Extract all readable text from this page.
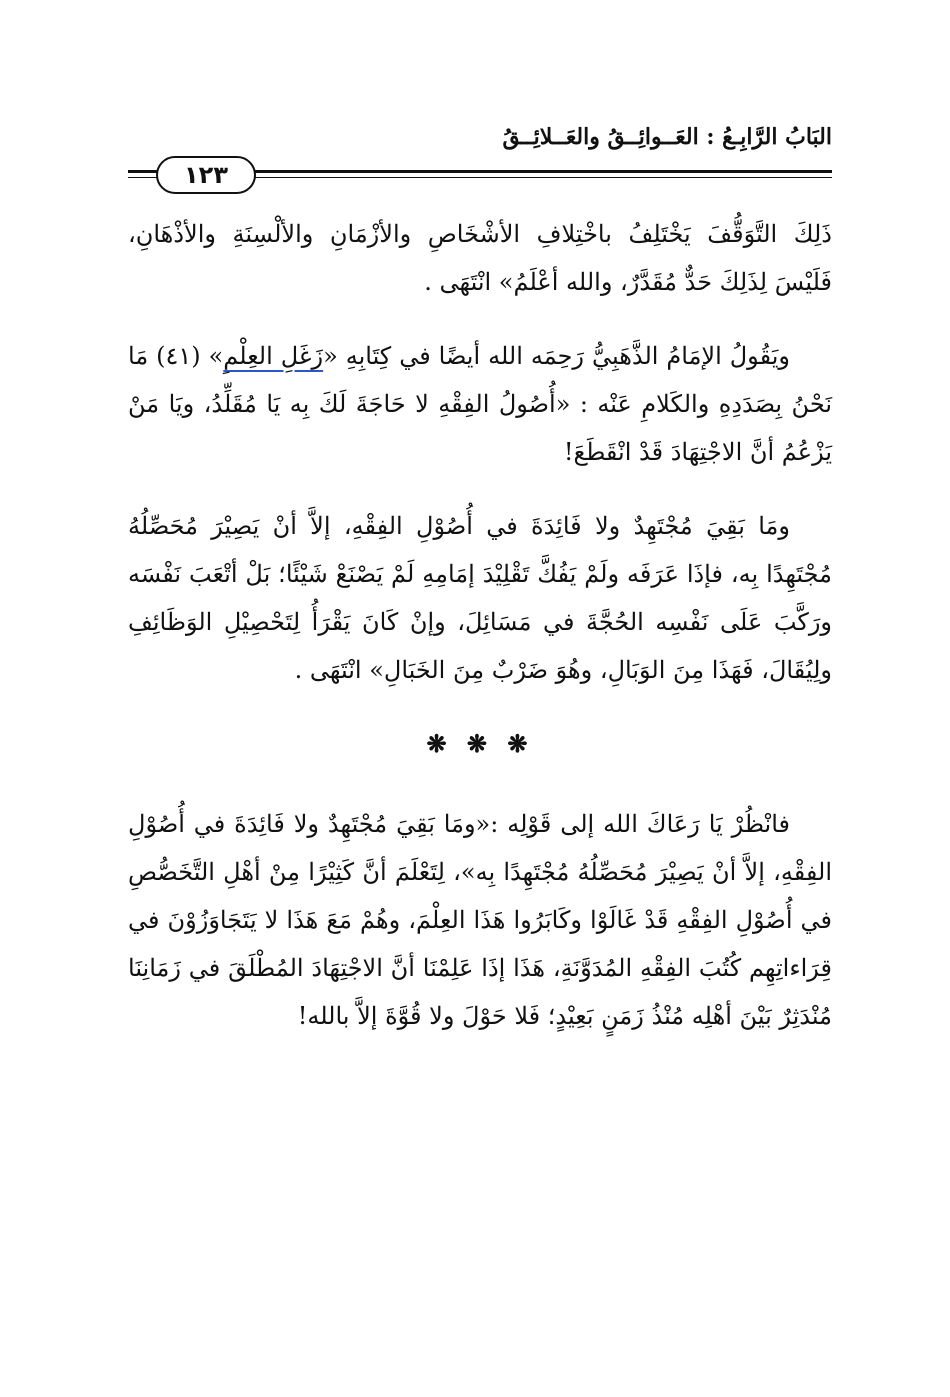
البَابُ الرَّابِـعُ : العَــوائِــقُ والعَــلائِــقُ
١٢٣

ذَلِكَ التَّوَقُّفَ يَخْتَلِفُ باخْتِلافِ الأشْخَاصِ والأزْمَانِ والألْسِنَةِ والأذْهَانِ، فَلَيْسَ لِذَلِكَ حَدٌّ مُقَدَّرٌ، والله أعْلَمُ» انْتَهَى .

ويَقُولُ الإمَامُ الذَّهَبِيُّ رَحِمَه الله أيضًا في كِتَابِهِ «زَغَلِ العِلْمِ» (٤١) مَا نَحْنُ بِصَدَدِهِ والكَلامِ عَنْه : «أُصُولُ الفِقْهِ لا حَاجَةَ لَكَ بِه يَا مُقَلِّدُ، ويَا مَنْ يَزْعُمُ أنَّ الاجْتِهَادَ قَدْ انْقَطَعَ!

ومَا بَقِيَ مُجْتَهِدٌ ولا فَائِدَةَ في أُصُوْلِ الفِقْهِ، إلاَّ أنْ يَصِيْرَ مُحَصِّلُهُ مُجْتَهِدًا بِه، فإذَا عَرَفَه ولَمْ يَفُكَّ تَقْلِيْدَ إمَامِهِ لَمْ يَصْنَعْ شَيْئًا؛ بَلْ أتْعَبَ نَفْسَه ورَكَّبَ عَلَى نَفْسِه الحُجَّةَ في مَسَائِلَ، وإنْ كَانَ يَقْرَأُ لِتَحْصِيْلِ الوَظَائِفِ ولِيُقَالَ، فَهَذَا مِنَ الوَبَالِ، وهُوَ ضَرْبٌ مِنَ الخَبَالِ» انْتَهَى .

❋ ❋ ❋

فانْظُرْ يَا رَعَاكَ الله إلى قَوْلِه :«ومَا بَقِيَ مُجْتَهِدٌ ولا فَائِدَةَ في أُصُوْلِ الفِقْهِ، إلاَّ أنْ يَصِيْرَ مُحَصِّلُهُ مُجْتَهِدًا بِه»، لِتَعْلَمَ أنَّ كَثِيْرًا مِنْ أهْلِ التَّخَصُّصِ في أُصُوْلِ الفِقْهِ قَدْ غَالَوْا وكَابَرُوا هَذَا العِلْمَ، وهُمْ مَعَ هَذَا لا يَتَجَاوَزُوْنَ في قِرَاءاتِهِم كُتُبَ الفِقْهِ المُدَوَّنَةِ، هَذَا إذَا عَلِمْنَا أنَّ الاجْتِهَادَ المُطْلَقَ في زَمَانِنَا مُنْدَثِرٌ بَيْنَ أهْلِه مُنْذُ زَمَنٍ بَعِيْدٍ؛ فَلا حَوْلَ ولا قُوَّةَ إلاَّ بالله!
